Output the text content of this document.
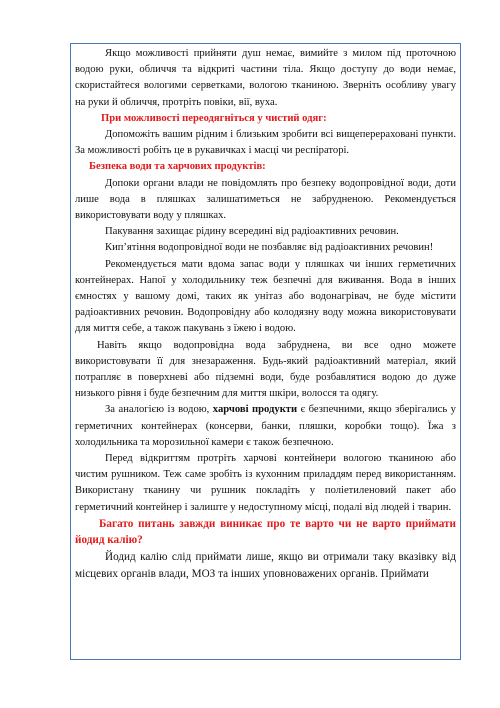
Якщо можливості прийняти душ немає, вимийте з милом під проточною водою руки, обличчя та відкриті частини тіла. Якщо доступу до води немає, скористайтеся вологими серветками, вологою тканиною. Зверніть особливу увагу на руки й обличчя, протріть повіки, вії, вуха.

При можливості переодягніться у чистий одяг:

Допоможіть вашим рідним і близьким зробити всі вищеперераховані пункти. За можливості робіть це в рукавичках і масці чи респіраторі.

Безпека води та харчових продуктів:

Допоки органи влади не повідомлять про безпеку водопровідної води, доти лише вода в пляшках залишатиметься не забрудненою. Рекомендується використовувати воду у пляшках.

Пакування захищає рідину всередині від радіоактивних речовин.

Кип’ятіння водопровідної води не позбавляє від радіоактивних речовин!

Рекомендується мати вдома запас води у пляшках чи інших герметичних контейнерах. Напої у холодильнику теж безпечні для вживання. Вода в інших ємностях у вашому домі, таких як унітаз або водонагрівач, не буде містити радіоактивних речовин. Водопровідну або колодязну воду можна використовувати для миття себе, а також пакувань з їжею і водою.

Навіть якщо водопровідна вода забруднена, ви все одно можете використовувати її для знезараження. Будь-який радіоактивний матеріал, який потрапляє в поверхневі або підземні води, буде розбавлятися водою до дуже низького рівня і буде безпечним для миття шкіри, волосся та одягу.

За аналогією із водою, харчові продукти є безпечними, якщо зберігались у герметичних контейнерах (консерви, банки, пляшки, коробки тощо). Їжа з холодильника та морозильної камери є також безпечною.

Перед відкриттям протріть харчові контейнери вологою тканиною або чистим рушником. Теж саме зробіть із кухонним приладдям перед використанням. Використану тканину чи рушник покладіть у поліетиленовий пакет або герметичний контейнер і залиште у недоступному місці, подалі від людей і тварин.

Багато питань завжди виникає про те варто чи не варто приймати йодид калію?

Йодид калію слід приймати лише, якщо ви отримали таку вказівку від місцевих органів влади, МОЗ та інших уповноважених органів. Приймати
